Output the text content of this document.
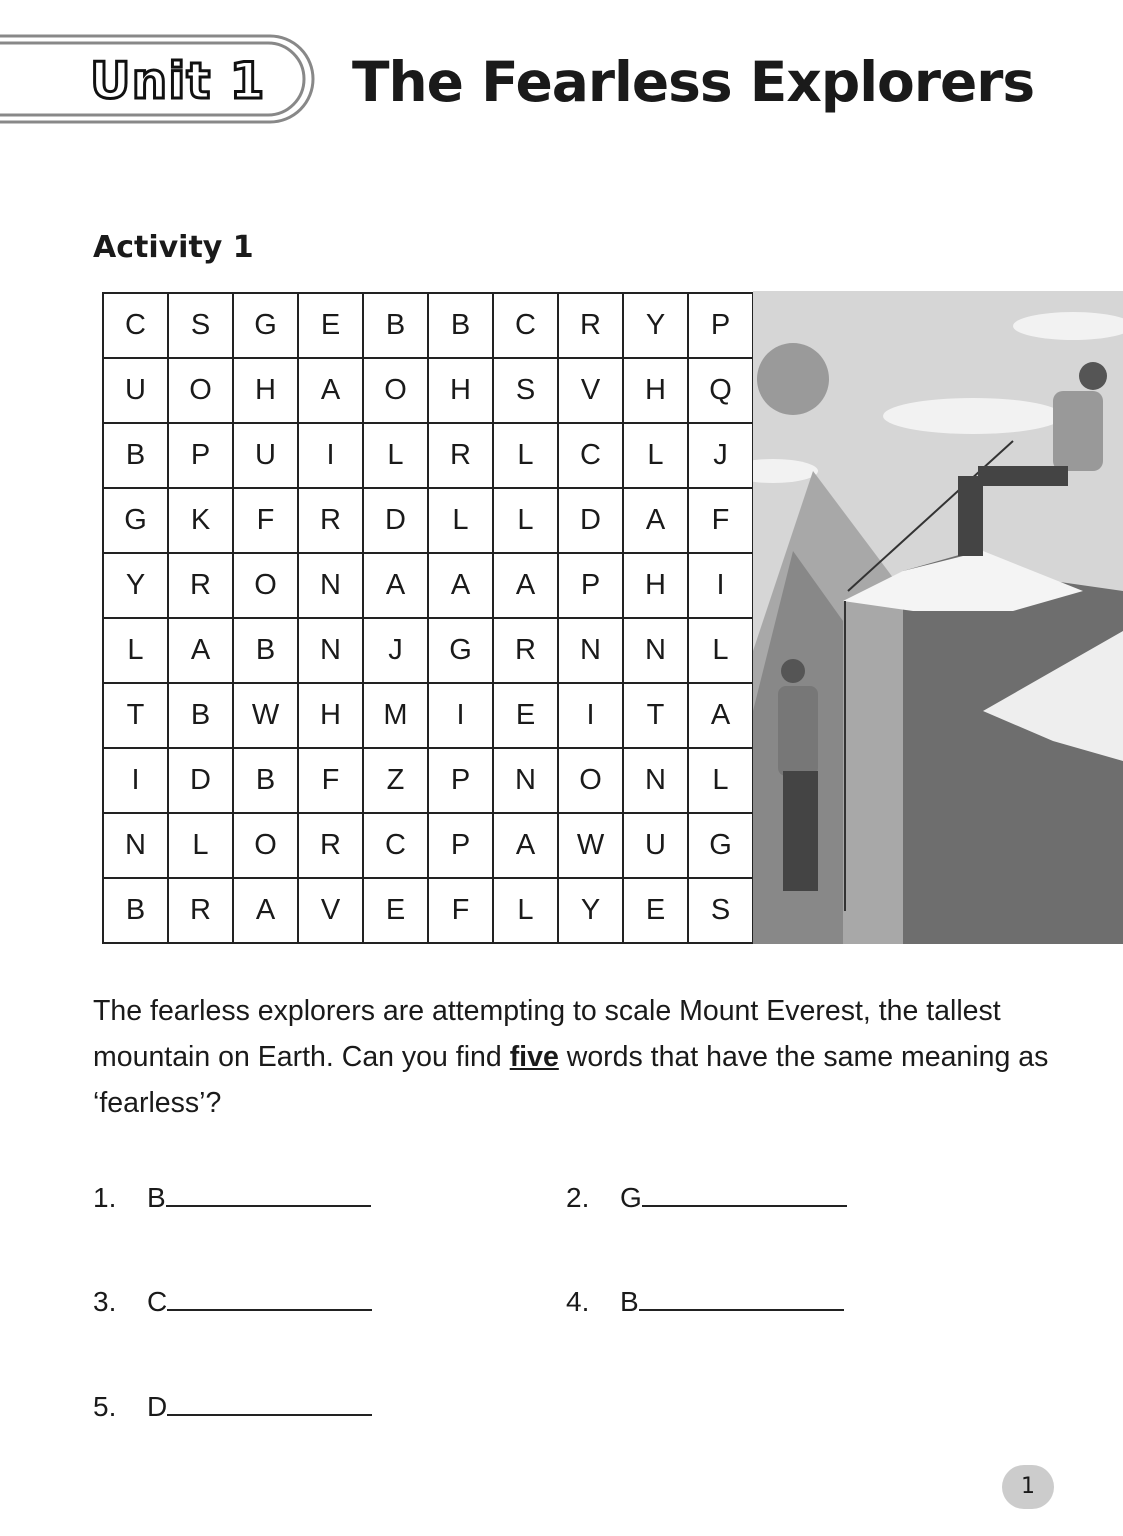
Unit 1 The Fearless Explorers
Activity 1
C	S	G	E	B	B	C	R	Y	P
U	O	H	A	O	H	S	V	H	Q
B	P	U	I	L	R	L	C	L	J
G	K	F	R	D	L	L	D	A	F
Y	R	O	N	A	A	A	P	H	I
L	A	B	N	J	G	R	N	N	L
T	B	W	H	M	I	E	I	T	A
I	D	B	F	Z	P	N	O	N	L
N	L	O	R	C	P	A	W	U	G
B	R	A	V	E	F	L	Y	E	S
The fearless explorers are attempting to scale Mount Everest, the tallest mountain on Earth. Can you find five words that have the same meaning as ‘fearless’?
1.	B	2.	G
3.	C	4.	B
5.	D
1
